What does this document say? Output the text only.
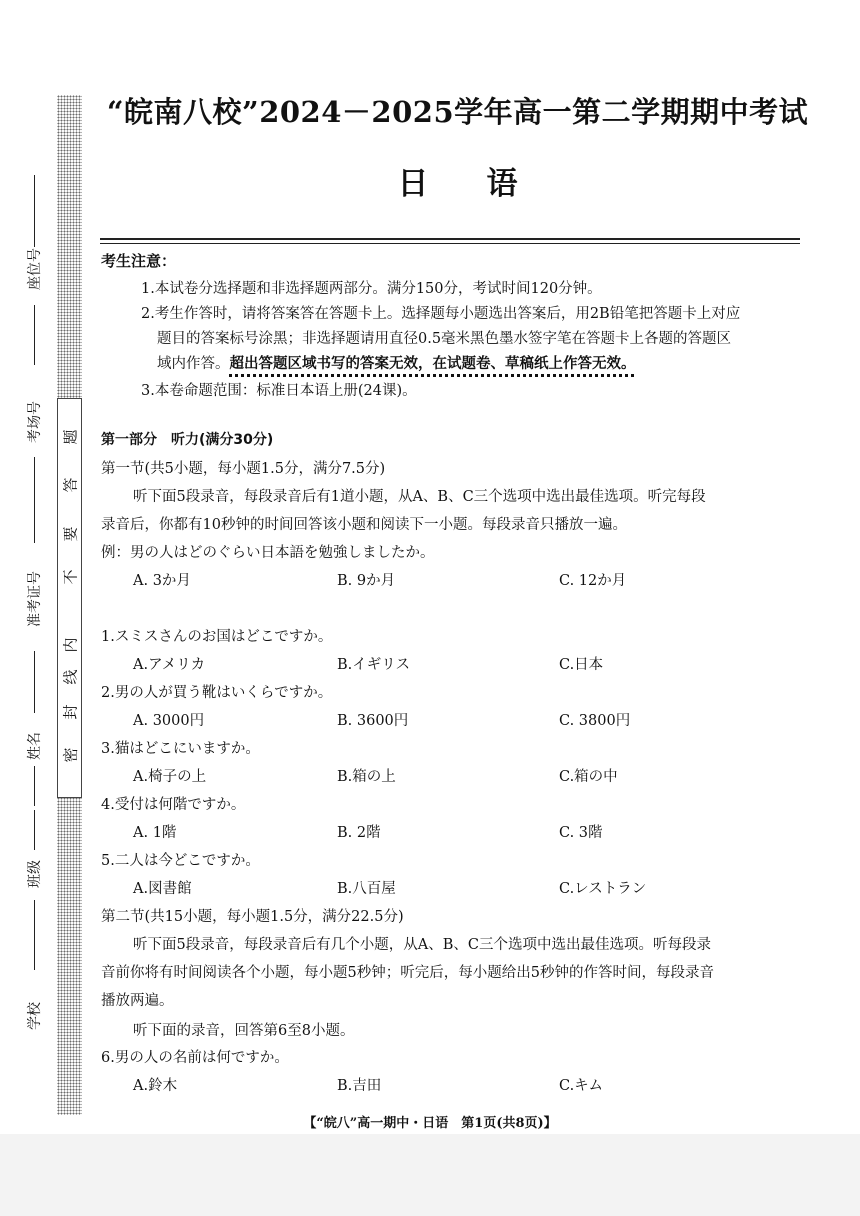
题
答
要
不
内
线
封
密
座位号
考场号
准考证号
姓名
班级
学校
“皖南八校”2024－2025学年高一第二学期期中考试
日语
考生注意：
1.本试卷分选择题和非选择题两部分。满分150分，考试时间120分钟。
2.考生作答时，请将答案答在答题卡上。选择题每小题选出答案后，用2B铅笔把答题卡上对应
题目的答案标号涂黑；非选择题请用直径0.5毫米黑色墨水签字笔在答题卡上各题的答题区
域内作答。超出答题区域书写的答案无效，在试题卷、草稿纸上作答无效。
3.本卷命题范围：标准日本语上册(24课)。
第一部分　听力(满分30分)
第一节(共5小题，每小题1.5分，满分7.5分)
听下面5段录音，每段录音后有1道小题，从A、B、C三个选项中选出最佳选项。听完每段
录音后，你都有10秒钟的时间回答该小题和阅读下一小题。每段录音只播放一遍。
例：男の人はどのぐらい日本語を勉強しましたか。
A. 3か月	B. 9か月	C. 12か月
1.スミスさんのお国はどこですか。
A.アメリカ	B.イギリス	C.日本
2.男の人が買う靴はいくらですか。
A. 3000円	B. 3600円	C. 3800円
3.猫はどこにいますか。
A.椅子の上	B.箱の上	C.箱の中
4.受付は何階ですか。
A. 1階	B. 2階	C. 3階
5.二人は今どこですか。
A.図書館	B.八百屋	C.レストラン
第二节(共15小题，每小题1.5分，满分22.5分)
听下面5段录音，每段录音后有几个小题，从A、B、C三个选项中选出最佳选项。听每段录
音前你将有时间阅读各个小题，每小题5秒钟；听完后，每小题给出5秒钟的作答时间，每段录音
播放两遍。
听下面的录音，回答第6至8小题。
6.男の人の名前は何ですか。
A.鈴木	B.吉田	C.キム
【“皖八”高一期中・日语　第1页(共8页)】
